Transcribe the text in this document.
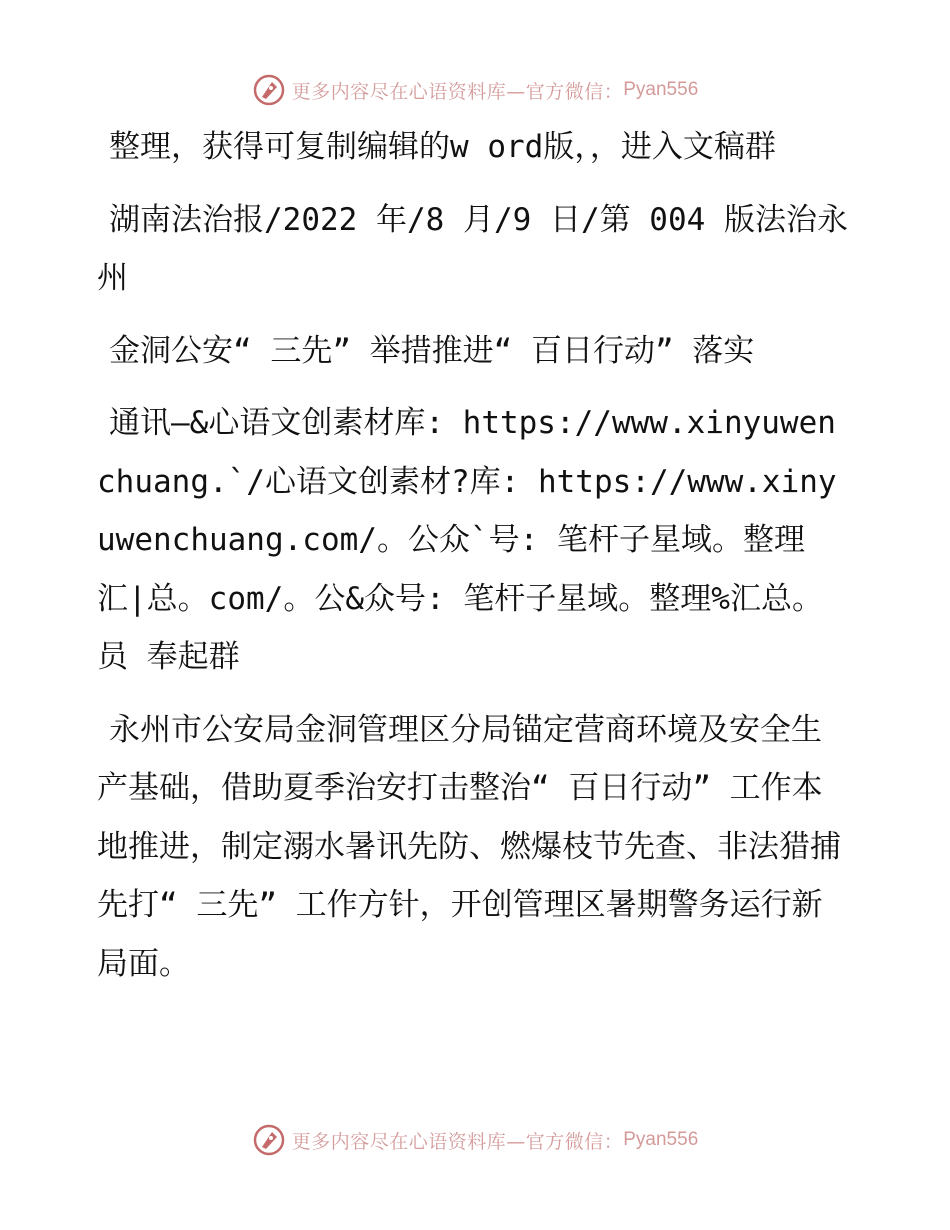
更多内容尽在心语资料库—官方微信： Pyan556

整理，获得可复制编辑的w ord版，，进入文稿群

湖南法治报/2022 年/8 月/9 日/第 004 版法治永州

金洞公安“ 三先” 举措推进“ 百日行动” 落实

通讯—&心语文创素材库: https://www.xinyuwenchuang.`/心语文创素材?库: https://www.xinyuwenchuang.com/。公众`号: 笔杆子星域。整理汇|总。com/。公&众号: 笔杆子星域。整理%汇总。员 奉起群

永州市公安局金洞管理区分局锚定营商环境及安全生产基础，借助夏季治安打击整治“ 百日行动” 工作本地推进，制定溺水暑讯先防、燃爆枝节先查、非法猎捕先打“ 三先” 工作方针，开创管理区暑期警务运行新局面。

更多内容尽在心语资料库—官方微信： Pyan556
